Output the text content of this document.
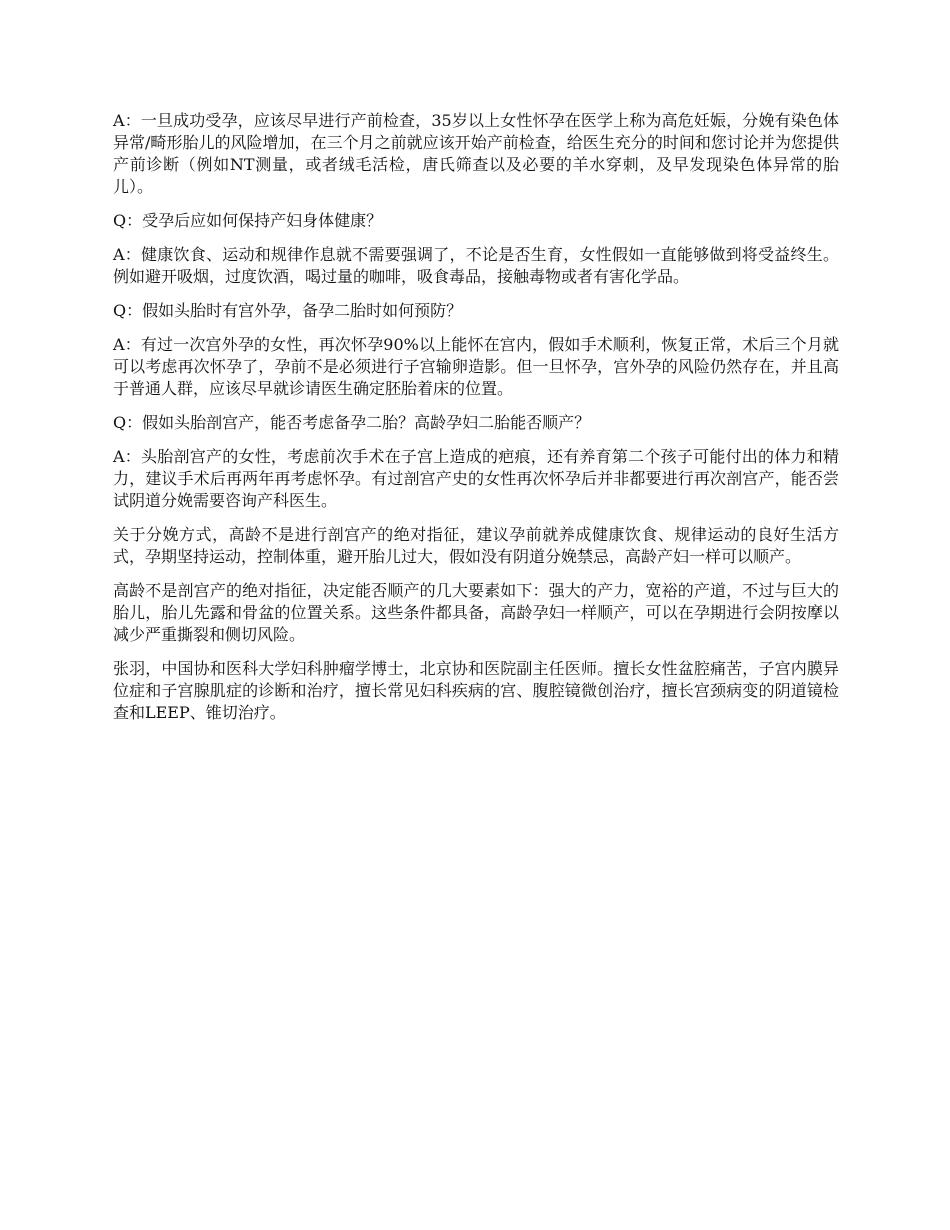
A：一旦成功受孕，应该尽早进行产前检查，35岁以上女性怀孕在医学上称为高危妊娠，分娩有染色体异常/畸形胎儿的风险增加，在三个月之前就应该开始产前检查，给医生充分的时间和您讨论并为您提供产前诊断（例如NT测量，或者绒毛活检，唐氏筛查以及必要的羊水穿刺，及早发现染色体异常的胎儿）。

Q：受孕后应如何保持产妇身体健康？

A：健康饮食、运动和规律作息就不需要强调了，不论是否生育，女性假如一直能够做到将受益终生。例如避开吸烟，过度饮酒，喝过量的咖啡，吸食毒品，接触毒物或者有害化学品。

Q：假如头胎时有宫外孕，备孕二胎时如何预防？

A：有过一次宫外孕的女性，再次怀孕90%以上能怀在宫内，假如手术顺利，恢复正常，术后三个月就可以考虑再次怀孕了，孕前不是必须进行子宫输卵造影。但一旦怀孕，宫外孕的风险仍然存在，并且高于普通人群，应该尽早就诊请医生确定胚胎着床的位置。

Q：假如头胎剖宫产，能否考虑备孕二胎？高龄孕妇二胎能否顺产？

A：头胎剖宫产的女性，考虑前次手术在子宫上造成的疤痕，还有养育第二个孩子可能付出的体力和精力，建议手术后再两年再考虑怀孕。有过剖宫产史的女性再次怀孕后并非都要进行再次剖宫产，能否尝试阴道分娩需要咨询产科医生。

关于分娩方式，高龄不是进行剖宫产的绝对指征，建议孕前就养成健康饮食、规律运动的良好生活方式，孕期坚持运动，控制体重，避开胎儿过大，假如没有阴道分娩禁忌，高龄产妇一样可以顺产。

高龄不是剖宫产的绝对指征，决定能否顺产的几大要素如下：强大的产力，宽裕的产道，不过与巨大的胎儿，胎儿先露和骨盆的位置关系。这些条件都具备，高龄孕妇一样顺产，可以在孕期进行会阴按摩以减少严重撕裂和侧切风险。

张羽，中国协和医科大学妇科肿瘤学博士，北京协和医院副主任医师。擅长女性盆腔痛苦，子宫内膜异位症和子宫腺肌症的诊断和治疗，擅长常见妇科疾病的宫、腹腔镜微创治疗，擅长宫颈病变的阴道镜检查和LEEP、锥切治疗。
